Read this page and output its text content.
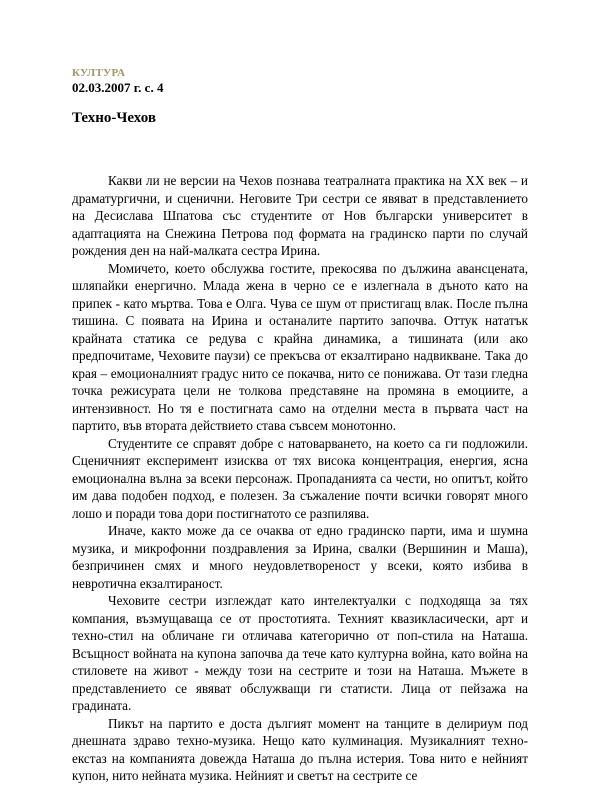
КУЛТУРА
02.03.2007 г. с. 4
Техно-Чехов

Какви ли не версии на Чехов познава театралната практика на ХХ век – и драматургични, и сценични. Неговите Три сестри се явяват в представлението на Десислава Шпатова със студентите от Нов български университет в адаптацията на Снежина Петрова под формата на градинско парти по случай рождения ден на най-малката сестра Ирина.

Момичето, което обслужва гостите, прекосява по дължина авансцената, шляпайки енергично. Млада жена в черно се е излегнала в дъното като на припек - като мъртва. Това е Олга. Чува се шум от пристигащ влак. После пълна тишина. С появата на Ирина и останалите партито започва. Оттук нататък крайната статика се редува с крайна динамика, а тишината (или ако предпочитаме, Чеховите паузи) се прекъсва от екзалтирано надвикване. Така до края – емоционалният градус нито се покачва, нито се понижава. От тази гледна точка режисурата цели не толкова представяне на промяна в емоциите, а интензивност. Но тя е постигната само на отделни места в първата част на партито, във втората действието става съвсем монотонно.

Студентите се справят добре с натоварването, на което са ги подложили. Сценичният експеримент изисква от тях висока концентрация, енергия, ясна емоционална вълна за всеки персонаж. Пропаданията са чести, но опитът, който им дава подобен подход, е полезен. За съжаление почти всички говорят много лошо и поради това дори постигнатото се разпилява.

Иначе, както може да се очаква от едно градинско парти, има и шумна музика, и микрофонни поздравления за Ирина, свалки (Вершинин и Маша), безпричинен смях и много неудовлетвореност у всеки, която избива в невротична екзалтираност.

Чеховите сестри изглеждат като интелектуалки с подходяща за тях компания, възмущаваща се от простотията. Техният квазикласически, арт и техно-стил на обличане ги отличава категорично от поп-стила на Наташа. Всъщност войната на купона започва да тече като културна война, като война на стиловете на живот - между този на сестрите и този на Наташа. Мъжете в представлението се явяват обслужващи ги статисти. Лица от пейзажа на градината.

Пикът на партито е доста дългият момент на танците в делириум под днешната здраво техно-музика. Нещо като кулминация. Музикалният техно-екстаз на компанията довежда Наташа до пълна истерия. Това нито е нейният купон, нито нейната музика. Нейният и светът на сестрите се
